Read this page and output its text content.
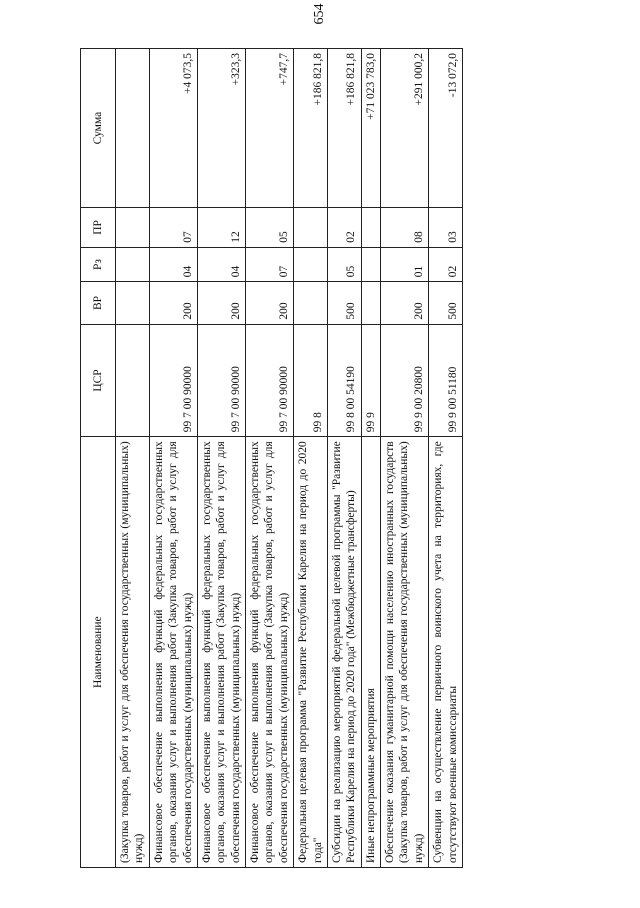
654
Наименование	ЦСР	ВР	Рз	ПР	Сумма
(Закупка товаров, работ и услуг для обеспечения государственных (муниципальных) нужд)					
Финансовое обеспечение выполнения функций федеральных государственных органов, оказания услуг и выполнения работ (Закупка товаров, работ и услуг для обеспечения государственных (муниципальных) нужд)	99 7 00 90000	200	04	07	+4 073,5
Финансовое обеспечение выполнения функций федеральных государственных органов, оказания услуг и выполнения работ (Закупка товаров, работ и услуг для обеспечения государственных (муниципальных) нужд)	99 7 00 90000	200	04	12	+323,3
Финансовое обеспечение выполнения функций федеральных государственных органов, оказания услуг и выполнения работ (Закупка товаров, работ и услуг для обеспечения государственных (муниципальных) нужд)	99 7 00 90000	200	07	05	+747,7
Федеральная целевая программа "Развитие Республики Карелия на период до 2020 года"	99 8				+186 821,8
Субсидии на реализацию мероприятий федеральной целевой программы "Развитие Республики Карелия на период до 2020 года" (Межбюджетные трансферты)	99 8 00 54190	500	05	02	+186 821,8
Иные непрограммные мероприятия	99 9				+71 023 783,0
Обеспечение оказания гуманитарной помощи населению иностранных государств (Закупка товаров, работ и услуг для обеспечения государственных (муниципальных) нужд)	99 9 00 20800	200	01	08	+291 000,2
Субвенции на осуществление первичного воинского учета на территориях, где отсутствуют военные комиссариаты	99 9 00 51180	500	02	03	-13 072,0
